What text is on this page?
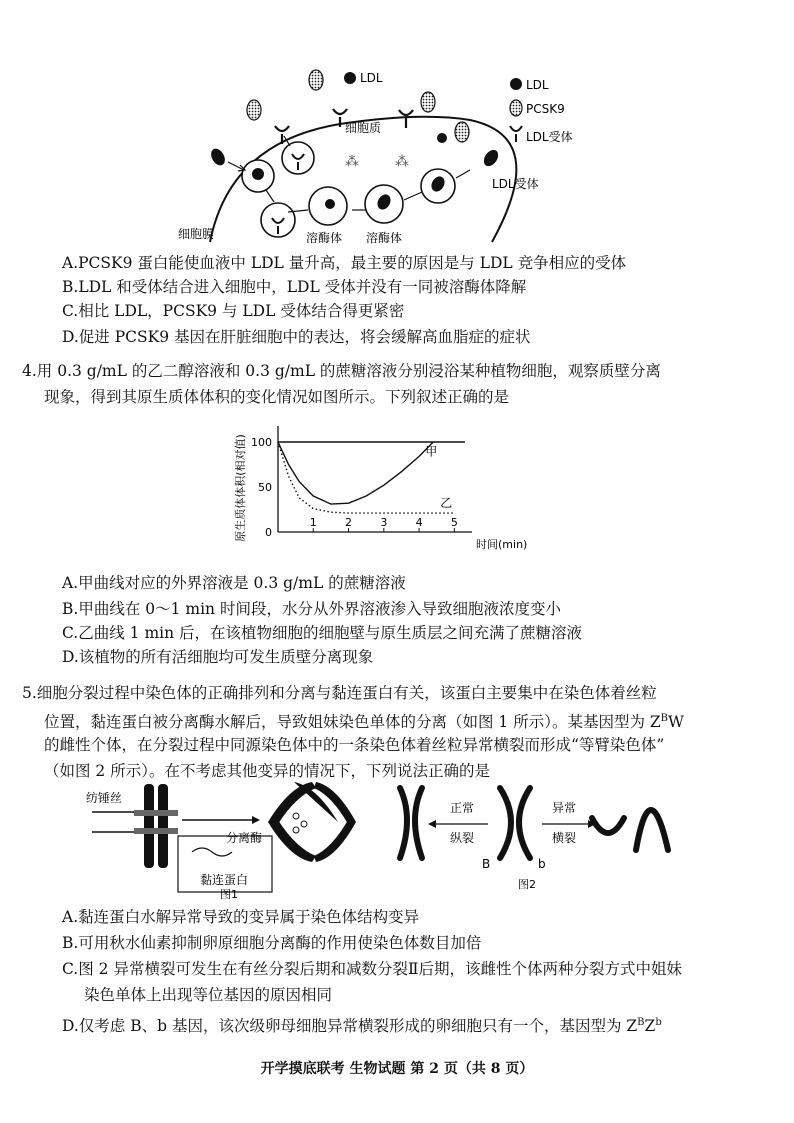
⁂	⁂
LDL
PCSK9
LDL受体
LDL
细胞质
LDL受体
细胞膜	溶酶体 溶酶体
A.PCSK9 蛋白能使血液中 LDL 量升高，最主要的原因是与 LDL 竞争相应的受体
B.LDL 和受体结合进入细胞中，LDL 受体并没有一同被溶酶体降解
C.相比 LDL，PCSK9 与 LDL 受体结合得更紧密
D.促进 PCSK9 基因在肝脏细胞中的表达，将会缓解高血脂症的症状
4.用 0.3 g/mL 的乙二醇溶液和 0.3 g/mL 的蔗糖溶液分别浸浴某种植物细胞，观察质壁分离
现象，得到其原生质体体积的变化情况如图所示。下列叙述正确的是
原生质体体积(相对值)	1	2	3	4	5
0
50
100
甲
乙
时间(min)
A.甲曲线对应的外界溶液是 0.3 g/mL 的蔗糖溶液
B.甲曲线在 0～1 min 时间段，水分从外界溶液渗入导致细胞液浓度变小
C.乙曲线 1 min 后，在该植物细胞的细胞壁与原生质层之间充满了蔗糖溶液
D.该植物的所有活细胞均可发生质壁分离现象
5.细胞分裂过程中染色体的正确排列和分离与黏连蛋白有关，该蛋白主要集中在染色体着丝粒
位置，黏连蛋白被分离酶水解后，导致姐妹染色单体的分离（如图 1 所示）。某基因型为 $Z^BW$
的雌性个体，在分裂过程中同源染色体中的一条染色体着丝粒异常横裂而形成“等臂染色体”
（如图 2 所示）。在不考虑其他变异的情况下，下列说法正确的是
纺锤丝
分离酶
黏连蛋白
图1
正常
纵裂
异常
横裂
B	b
图2
A.黏连蛋白水解异常导致的变异属于染色体结构变异
B.可用秋水仙素抑制卵原细胞分离酶的作用使染色体数目加倍
C.图 2 异常横裂可发生在有丝分裂后期和减数分裂Ⅱ后期，该雌性个体两种分裂方式中姐妹
染色单体上出现等位基因的原因相同
D.仅考虑 B、b 基因，该次级卵母细胞异常横裂形成的卵细胞只有一个，基因型为 $Z^BZ^b$
开学摸底联考 生物试题 第 2 页（共 8 页）
